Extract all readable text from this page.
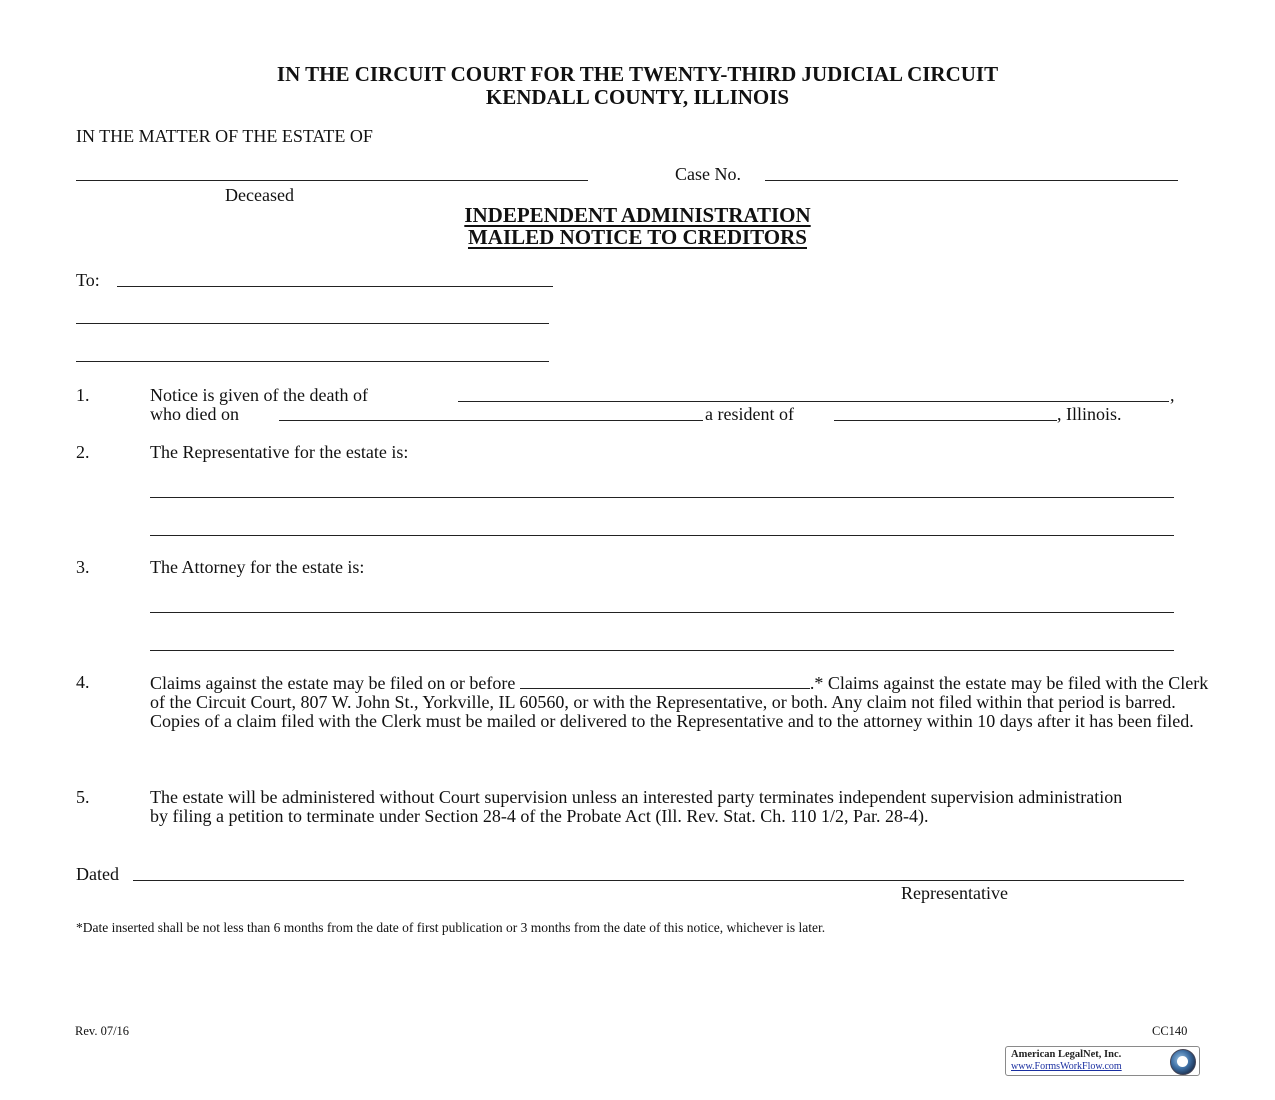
IN THE CIRCUIT COURT FOR THE TWENTY-THIRD JUDICIAL CIRCUIT
KENDALL COUNTY, ILLINOIS
IN THE MATTER OF THE ESTATE OF
Deceased
Case No.
INDEPENDENT ADMINISTRATION
MAILED NOTICE TO CREDITORS
To:
1.	Notice is given of the death of	,
who died on	a resident of	, Illinois.
2.	The Representative for the estate is:
3.	The Attorney for the estate is:
4.	Claims against the estate may be filed on or before	.* Claims against the estate may be filed with the Clerk of the Circuit Court, 807 W. John St., Yorkville, IL 60560, or with the Representative, or both. Any claim not filed within that period is barred. Copies of a claim filed with the Clerk must be mailed or delivered to the Representative and to the attorney within 10 days after it has been filed.
5.	The estate will be administered without Court supervision unless an interested party terminates independent supervision administration by filing a petition to terminate under Section 28-4 of the Probate Act (Ill. Rev. Stat. Ch. 110 1/2, Par. 28-4).
Dated
Representative
*Date inserted shall be not less than 6 months from the date of first publication or 3 months from the date of this notice, whichever is later.
Rev. 07/16	CC140
American LegalNet, Inc.
www.FormsWorkFlow.com
